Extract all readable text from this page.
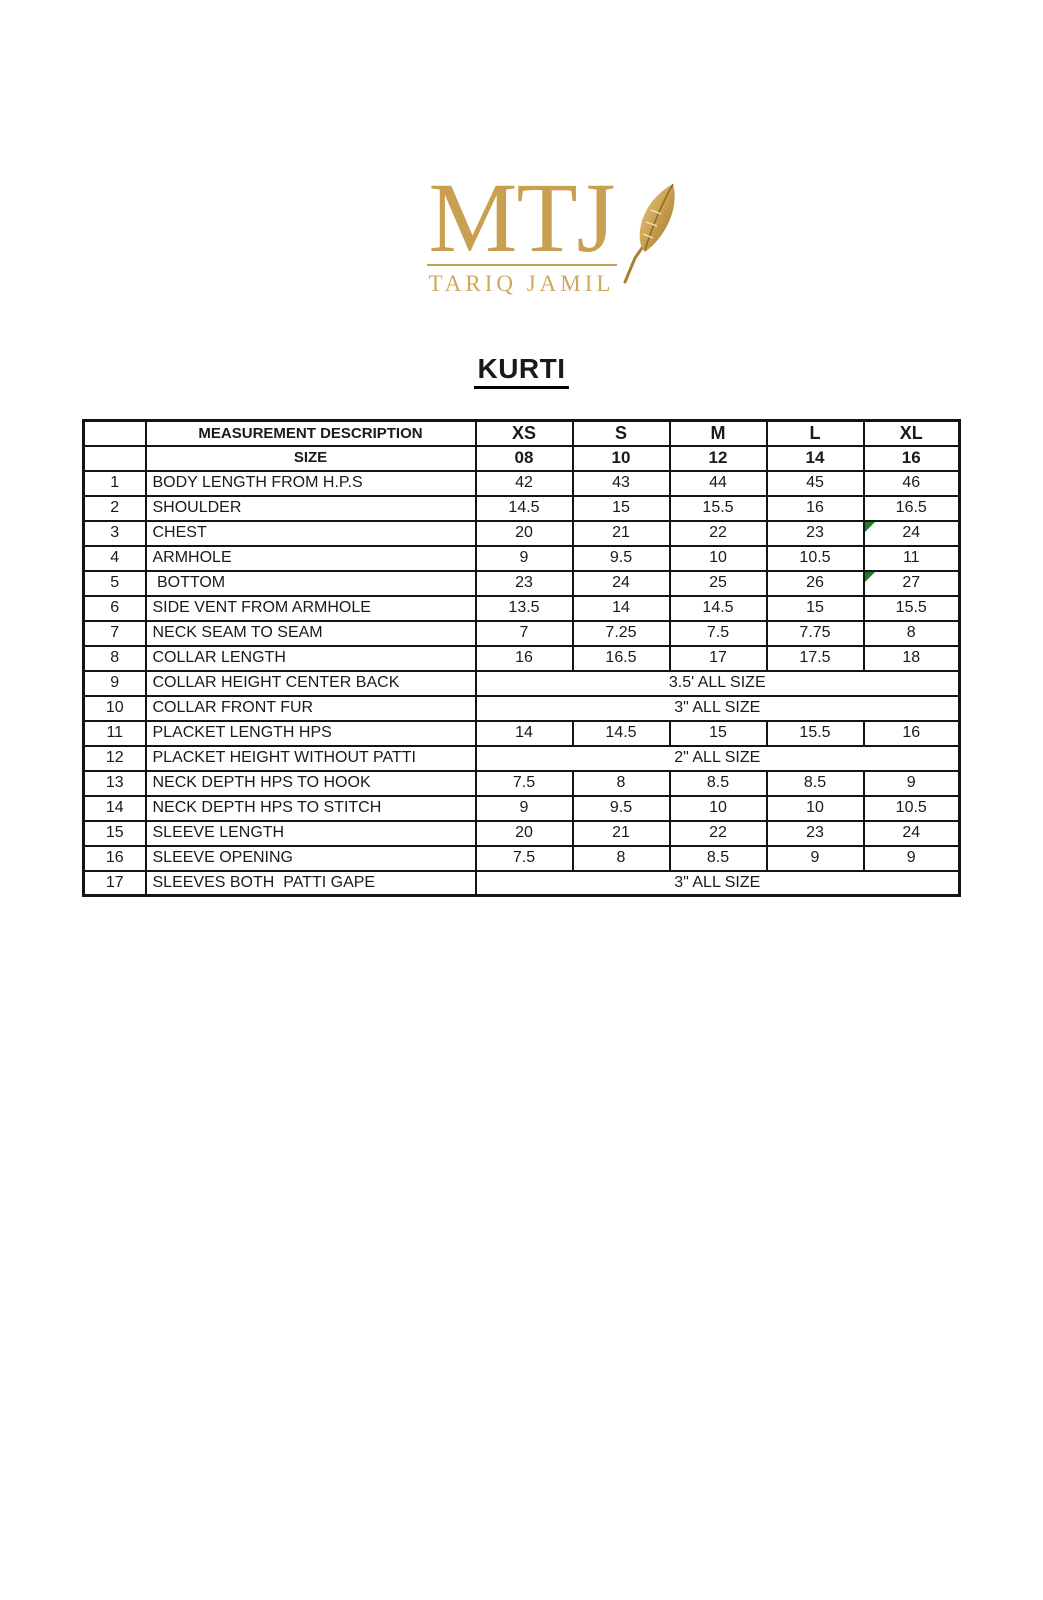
MTJ
TARIQ JAMIL
KURTI
	MEASUREMENT DESCRIPTION	XS	S	M	L	XL
	SIZE	08	10	12	14	16
1	BODY LENGTH FROM H.P.S	42	43	44	45	46
2	SHOULDER	14.5	15	15.5	16	16.5
3	CHEST	20	21	22	23	24
4	ARMHOLE	9	9.5	10	10.5	11
5	BOTTOM	23	24	25	26	27
6	SIDE VENT FROM ARMHOLE	13.5	14	14.5	15	15.5
7	NECK SEAM TO SEAM	7	7.25	7.5	7.75	8
8	COLLAR LENGTH	16	16.5	17	17.5	18
9	COLLAR HEIGHT CENTER BACK	3.5' ALL SIZE				
10	COLLAR FRONT FUR	3" ALL SIZE				
11	PLACKET LENGTH HPS	14	14.5	15	15.5	16
12	PLACKET HEIGHT WITHOUT PATTI	2" ALL SIZE				
13	NECK DEPTH HPS TO HOOK	7.5	8	8.5	8.5	9
14	NECK DEPTH HPS TO STITCH	9	9.5	10	10	10.5
15	SLEEVE LENGTH	20	21	22	23	24
16	SLEEVE OPENING	7.5	8	8.5	9	9
17	SLEEVES BOTH  PATTI GAPE	3" ALL SIZE				
